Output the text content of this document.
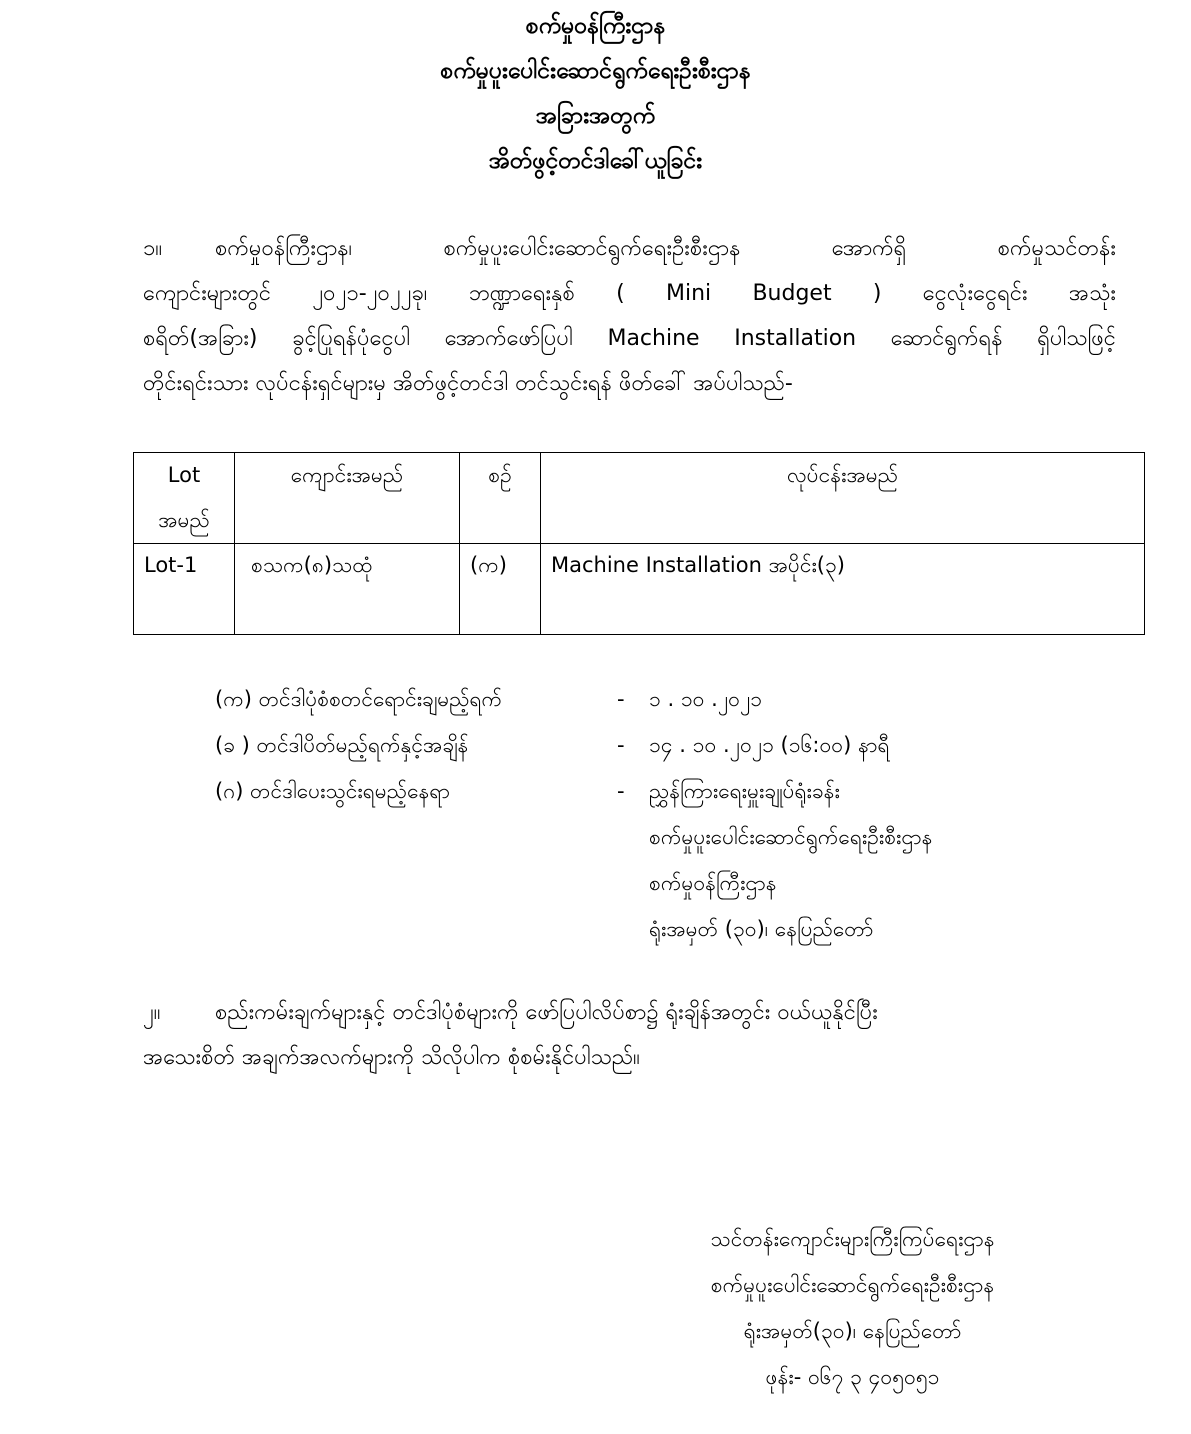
စက်မှုဝန်ကြီးဌာန
စက်မှုပူးပေါင်းဆောင်ရွက်ရေးဦးစီးဌာန
အခြားအတွက်
အိတ်ဖွင့်တင်ဒါခေါ်ယူခြင်း
၁။ စက်မှုဝန်ကြီးဌာန၊	စက်မှုပူးပေါင်းဆောင်ရွက်ရေးဦးစီးဌာန	အောက်ရှိ	စက်မှုသင်တန်း
ကျောင်းများတွင် ၂၀၂၁-၂၀၂၂ခု၊ ဘဏ္ဍာရေးနှစ် ( Mini Budget ) ငွေလုံးငွေရင်း အသုံး
စရိတ်(အခြား) ခွင့်ပြုရန်ပုံငွေပါ အောက်ဖော်ပြပါ Machine Installation ဆောင်ရွက်ရန် ရှိပါသဖြင့်
တိုင်းရင်းသား လုပ်ငန်းရှင်များမှ အိတ်ဖွင့်တင်ဒါ တင်သွင်းရန် ဖိတ်ခေါ် အပ်ပါသည်-
Lot
အမည်	ကျောင်းအမည်	စဉ်	လုပ်ငန်းအမည်
Lot-1	စသက(၈)သထုံ	(က)	Machine Installation အပိုင်း(၃)
(က) တင်ဒါပုံစံစတင်ရောင်းချမည့်ရက်	- ၁ . ၁၀ .၂၀၂၁
(ခ ) တင်ဒါပိတ်မည့်ရက်နှင့်အချိန်	- ၁၄ . ၁၀ .၂၀၂၁ (၁၆:၀၀) နာရီ
(ဂ) တင်ဒါပေးသွင်းရမည့်နေရာ	- ညွှန်ကြားရေးမှူးချုပ်ရုံးခန်း
စက်မှုပူးပေါင်းဆောင်ရွက်ရေးဦးစီးဌာန
စက်မှုဝန်ကြီးဌာန
ရုံးအမှတ် (၃၀)၊ နေပြည်တော်
၂။	စည်းကမ်းချက်များနှင့် တင်ဒါပုံစံများကို ဖော်ပြပါလိပ်စာ၌ ရုံးချိန်အတွင်း ဝယ်ယူနိုင်ပြီး
အသေးစိတ် အချက်အလက်များကို သိလိုပါက စုံစမ်းနိုင်ပါသည်။
သင်တန်းကျောင်းများကြီးကြပ်ရေးဌာန
စက်မှုပူးပေါင်းဆောင်ရွက်ရေးဦးစီးဌာန
ရုံးအမှတ်(၃၀)၊ နေပြည်တော်
ဖုန်း- ၀၆၇ ၃ ၄၀၅၀၅၁
